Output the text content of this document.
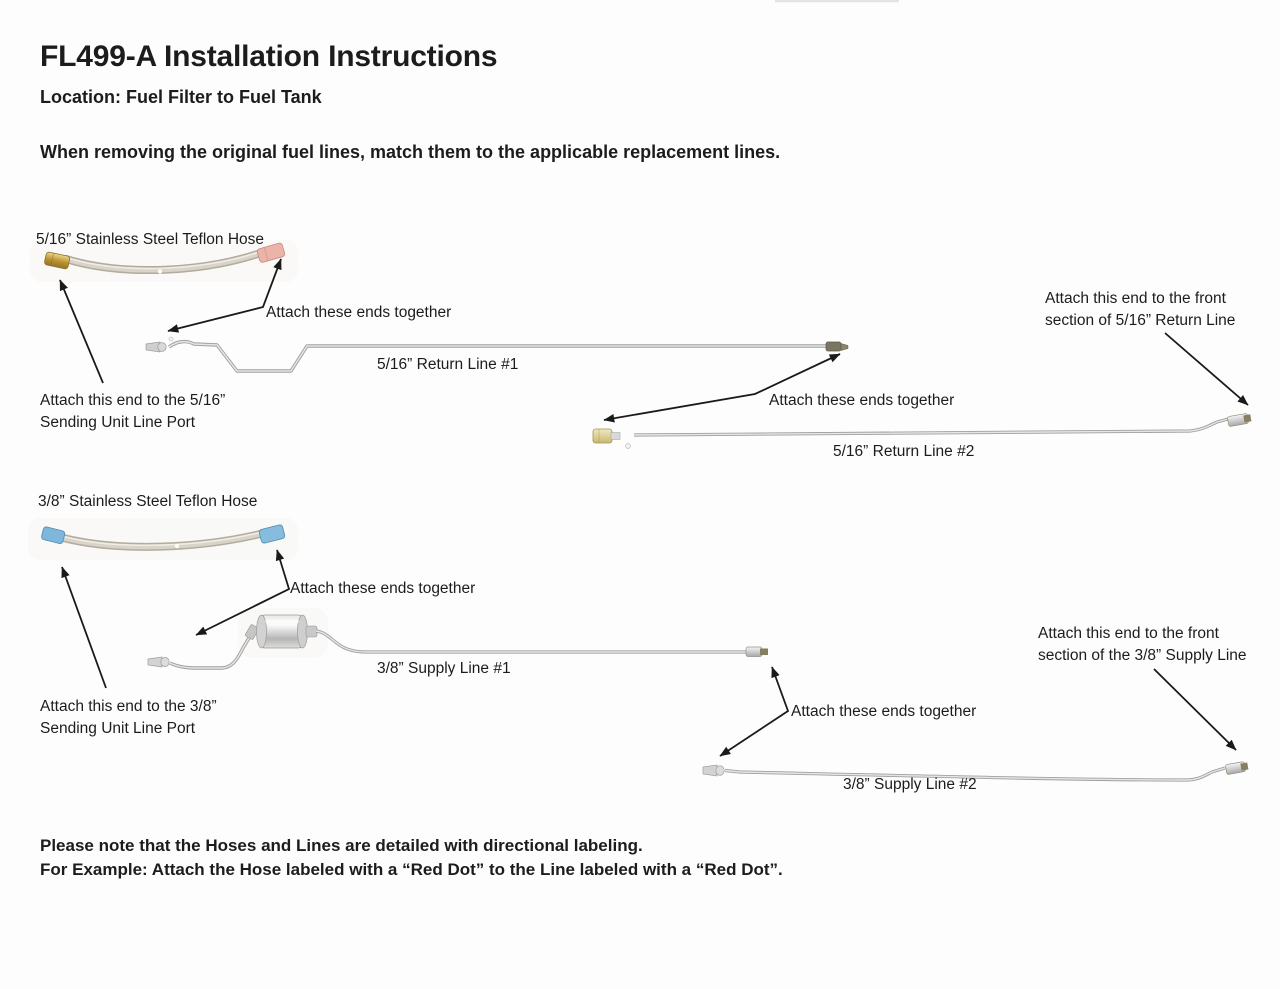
FL499-A Installation Instructions
Location: Fuel Filter to Fuel Tank
When removing the original fuel lines, match them to the applicable replacement lines.
5/16” Stainless Steel Teflon Hose
5/16” Return Line #1
5/16” Return Line #2
3/8” Stainless Steel Teflon Hose
3/8” Supply Line #1
3/8” Supply Line #2
Attach these ends together
Attach these ends together
Attach these ends together
Attach these ends together
Attach this end to the 5/16”
Sending Unit Line Port
Attach this end to the front
section of 5/16” Return Line
Attach this end to the 3/8”
Sending Unit Line Port
Attach this end to the front
section of the 3/8” Supply Line
Please note that the Hoses and Lines are detailed with directional labeling.
For Example: Attach the Hose labeled with a “Red Dot” to the Line labeled with a “Red Dot”.
